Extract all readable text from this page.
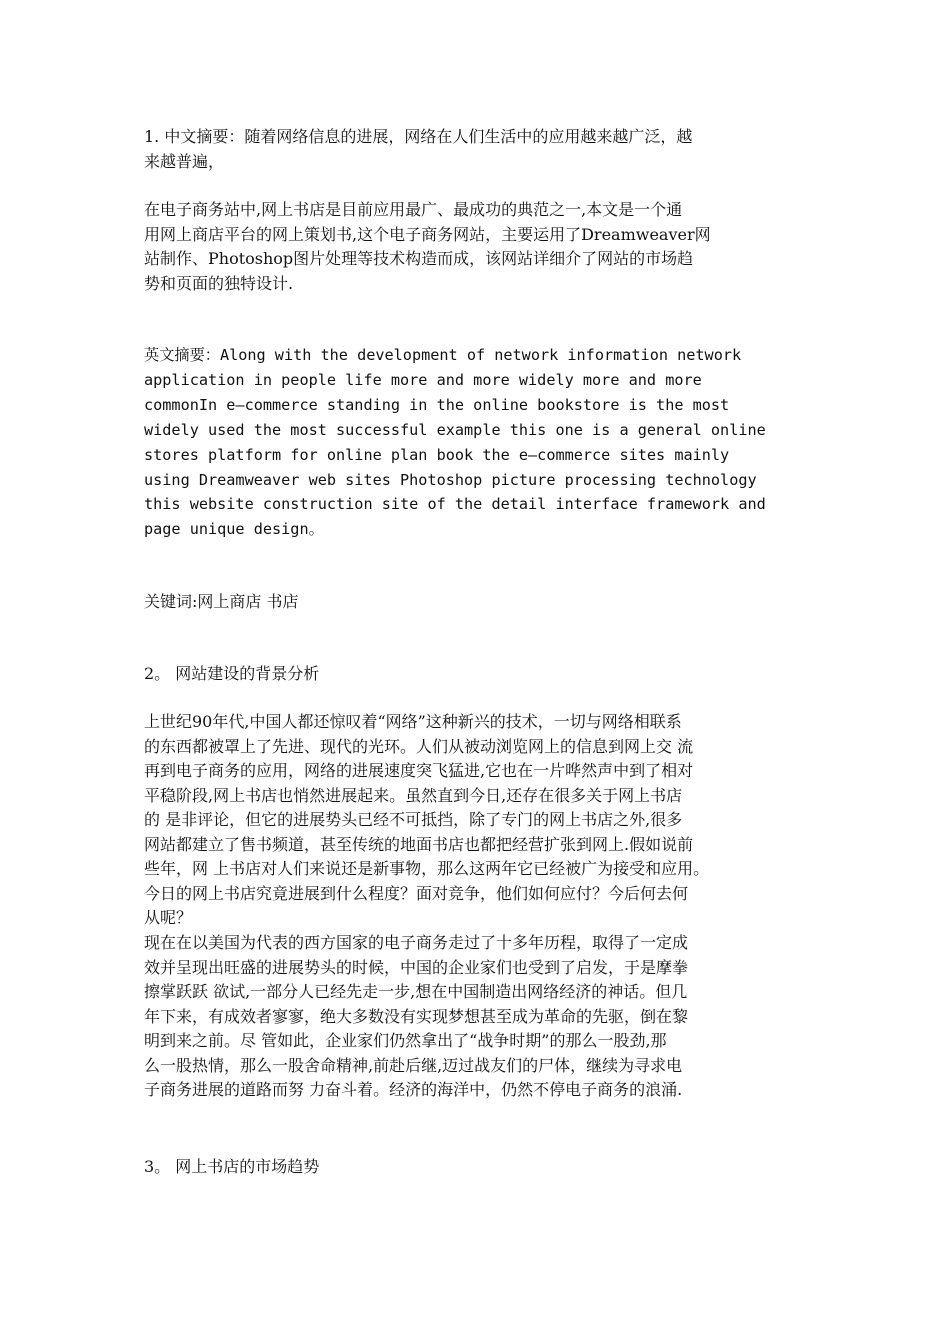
1. 中文摘要：随着网络信息的进展，网络在人们生活中的应用越来越广泛，越
来越普遍，
在电子商务站中,网上书店是目前应用最广、最成功的典范之一,本文是一个通
用网上商店平台的网上策划书,这个电子商务网站，主要运用了Dreamweaver网
站制作、Photoshop图片处理等技术构造而成，该网站详细介了网站的市场趋
势和页面的独特设计.
英文摘要：Along with the development of network information network
application in people life more and more widely more and more
commonIn e—commerce standing in the online bookstore is the most
widely used the most successful example this one is a general online
stores platform for online plan book the e—commerce sites mainly
using Dreamweaver web sites Photoshop picture processing technology
this website construction site of the detail interface framework and
page unique design。
关键词:网上商店 书店
2。 网站建设的背景分析
上世纪90年代,中国人都还惊叹着“网络”这种新兴的技术，一切与网络相联系
的东西都被罩上了先进、现代的光环。人们从被动浏览网上的信息到网上交 流
再到电子商务的应用，网络的进展速度突飞猛进,它也在一片哗然声中到了相对
平稳阶段,网上书店也悄然进展起来。虽然直到今日,还存在很多关于网上书店
的 是非评论，但它的进展势头已经不可抵挡，除了专门的网上书店之外,很多
网站都建立了售书频道，甚至传统的地面书店也都把经营扩张到网上.假如说前
些年，网 上书店对人们来说还是新事物，那么这两年它已经被广为接受和应用。
今日的网上书店究竟进展到什么程度？面对竞争，他们如何应付？今后何去何
从呢？
现在在以美国为代表的西方国家的电子商务走过了十多年历程，取得了一定成
效并呈现出旺盛的进展势头的时候，中国的企业家们也受到了启发，于是摩拳
擦掌跃跃 欲试,一部分人已经先走一步,想在中国制造出网络经济的神话。但几
年下来，有成效者寥寥，绝大多数没有实现梦想甚至成为革命的先驱，倒在黎
明到来之前。尽 管如此，企业家们仍然拿出了“战争时期”的那么一股劲,那
么一股热情，那么一股舍命精神,前赴后继,迈过战友们的尸体，继续为寻求电
子商务进展的道路而努 力奋斗着。经济的海洋中，仍然不停电子商务的浪涌.
3。 网上书店的市场趋势
